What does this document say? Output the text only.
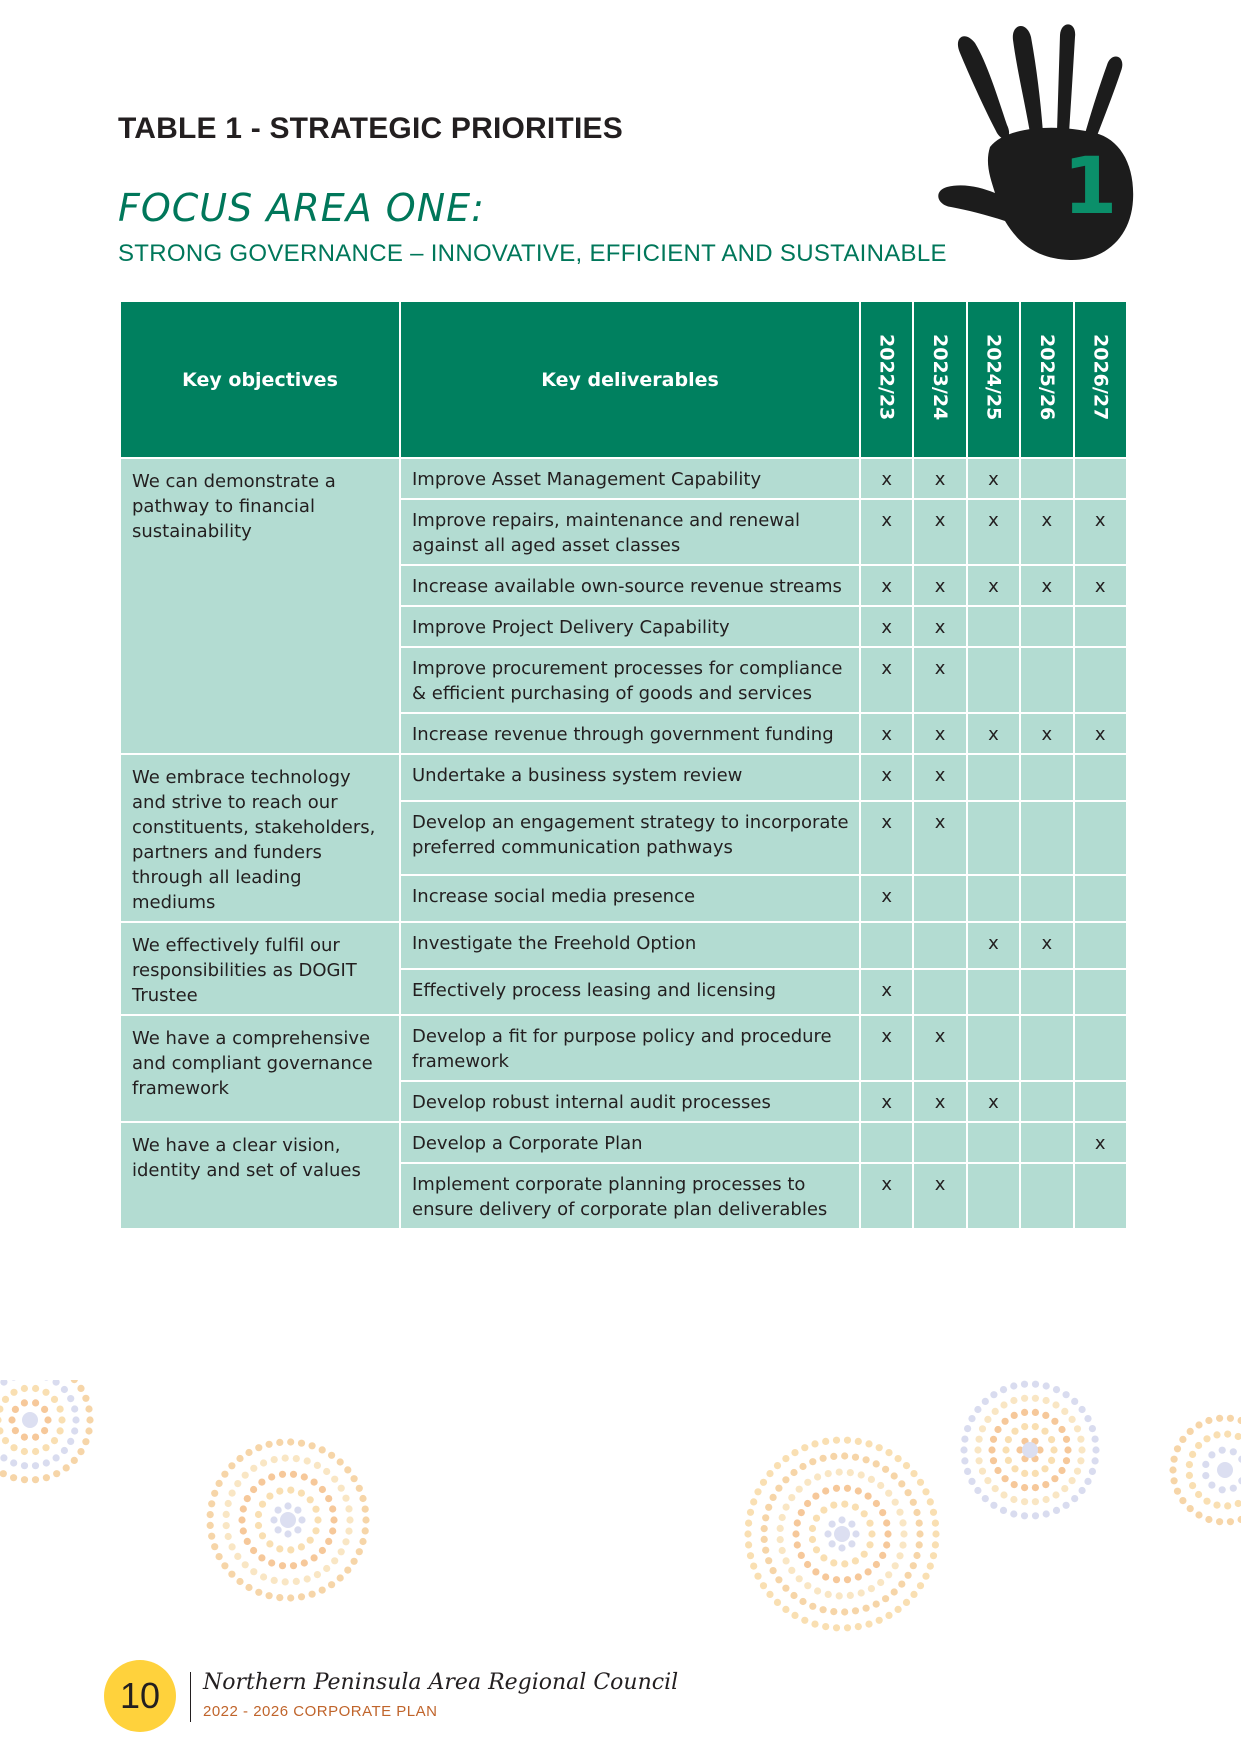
TABLE 1 - STRATEGIC PRIORITIES
FOCUS AREA ONE:
STRONG GOVERNANCE – INNOVATIVE, EFFICIENT AND SUSTAINABLE
1
Key objectives	Key deliverables	2022/23	2023/24	2024/25	2025/26	2026/27
We can demonstrate a pathway to financial sustainability	Improve Asset Management Capability	x	x	x		
	Improve repairs, maintenance and renewal against all aged asset classes	x	x	x	x	x
	Increase available own-source revenue streams	x	x	x	x	x
	Improve Project Delivery Capability	x	x			
	Improve procurement processes for compliance & efficient purchasing of goods and services	x	x			
	Increase revenue through government funding	x	x	x	x	x
We embrace technology and strive to reach our constituents, stakeholders, partners and funders through all leading mediums	Undertake a business system review	x	x			
	Develop an engagement strategy to incorporate preferred communication pathways	x	x			
	Increase social media presence	x				
We effectively fulfil our responsibilities as DOGIT Trustee	Investigate the Freehold Option			x	x	
	Effectively process leasing and licensing	x				
We have a comprehensive and compliant governance framework	Develop a fit for purpose policy and procedure framework	x	x			
	Develop robust internal audit processes	x	x	x		
We have a clear vision, identity and set of values	Develop a Corporate Plan					x
	Implement corporate planning processes to ensure delivery of corporate plan deliverables	x	x			
10 Northern Peninsula Area Regional Council
2022 - 2026 CORPORATE PLAN
